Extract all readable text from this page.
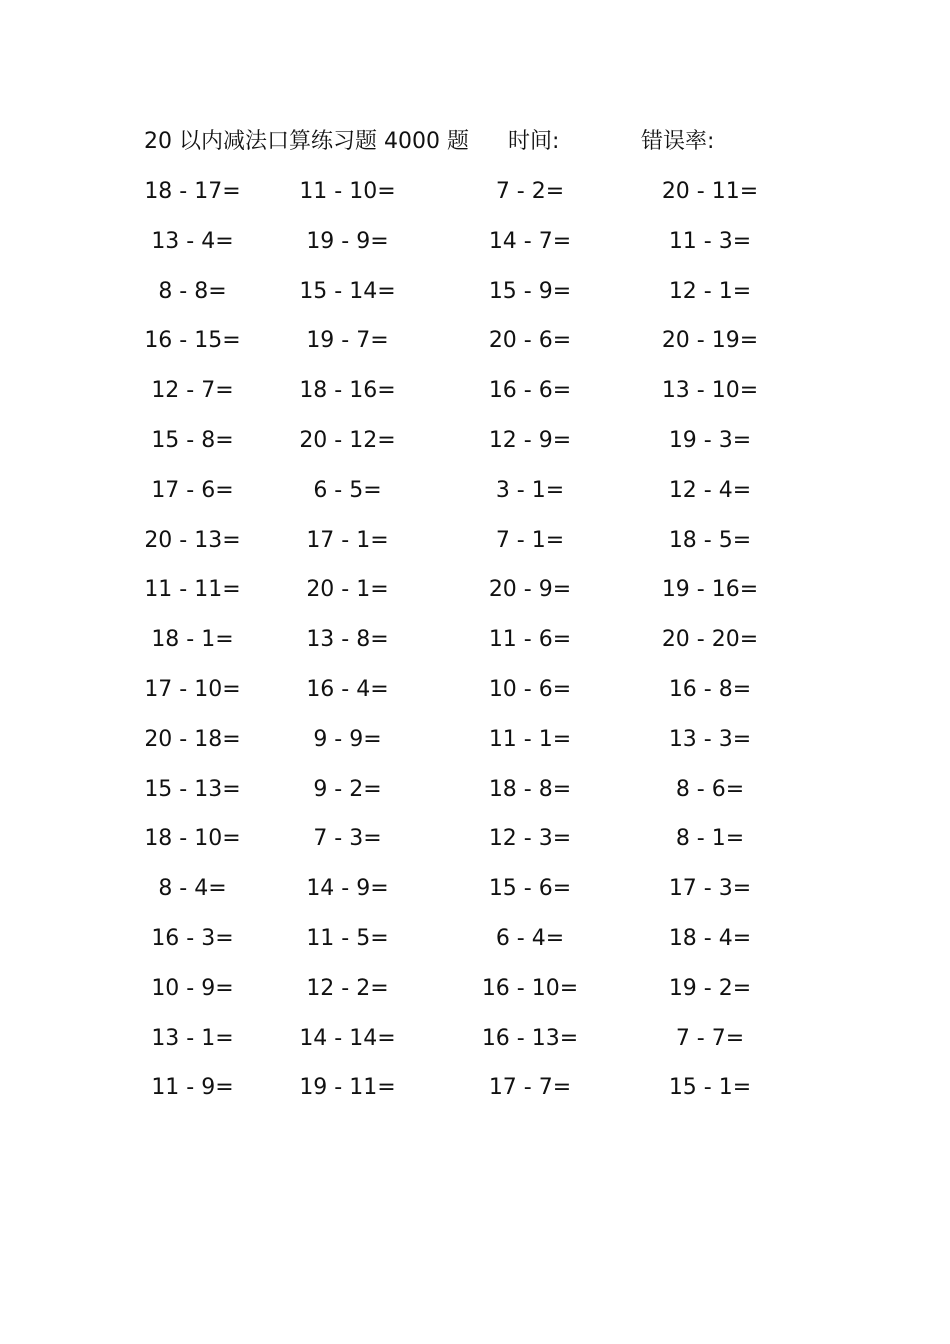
20 以内减法口算练习题 4000 题 时间:	错误率:
18 - 17=	11 - 10=	7 - 2=	20 - 11=
13 - 4=	19 - 9=	14 - 7=	11 - 3=
8 - 8=	15 - 14=	15 - 9=	12 - 1=
16 - 15=	19 - 7=	20 - 6=	20 - 19=
12 - 7=	18 - 16=	16 - 6=	13 - 10=
15 - 8=	20 - 12=	12 - 9=	19 - 3=
17 - 6=	6 - 5=	3 - 1=	12 - 4=
20 - 13=	17 - 1=	7 - 1=	18 - 5=
11 - 11=	20 - 1=	20 - 9=	19 - 16=
18 - 1=	13 - 8=	11 - 6=	20 - 20=
17 - 10=	16 - 4=	10 - 6=	16 - 8=
20 - 18=	9 - 9=	11 - 1=	13 - 3=
15 - 13=	9 - 2=	18 - 8=	8 - 6=
18 - 10=	7 - 3=	12 - 3=	8 - 1=
8 - 4=	14 - 9=	15 - 6=	17 - 3=
16 - 3=	11 - 5=	6 - 4=	18 - 4=
10 - 9=	12 - 2=	16 - 10=	19 - 2=
13 - 1=	14 - 14=	16 - 13=	7 - 7=
11 - 9=	19 - 11=	17 - 7=	15 - 1=
